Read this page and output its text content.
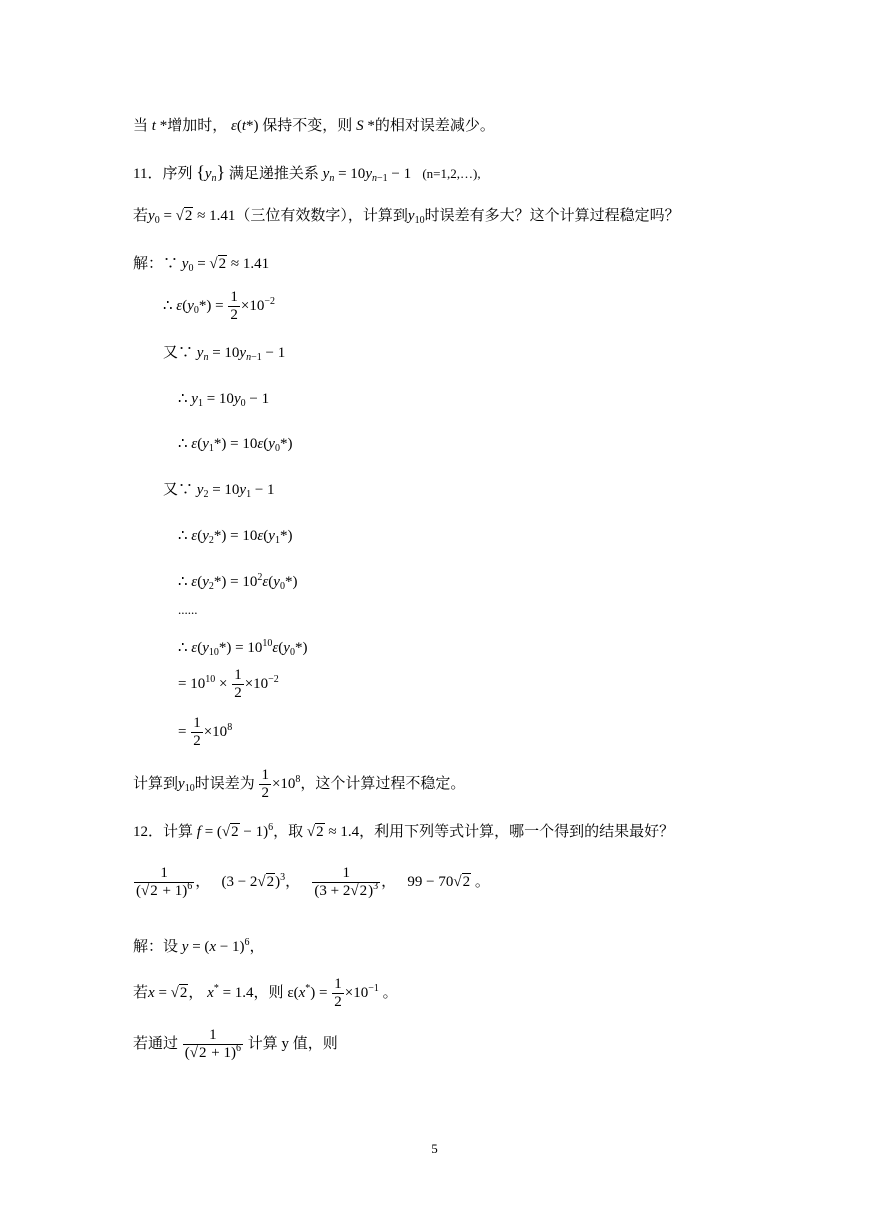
当 t *增加时， ε(t*) 保持不变，则 S *的相对误差减少。
11．序列 $\{y_n\}$ 满足递推关系 $y_n = 10y_{n-1} - 1$   (n=1,2,…),
若$y_0 = √2 \approx 1.41$（三位有效数字），计算到$y_{10}$时误差有多大？这个计算过程稳定吗？
解：∵ $y_0 = √2 \approx 1.41$
∴ $\varepsilon(y_0*) = \frac{1}{2} \times 10^{-2}$
又∵ $y_n = 10y_{n-1} - 1$
∴ $y_1 = 10y_0 - 1$
∴ $\varepsilon(y_1*) = 10\varepsilon(y_0*)$
又∵ $y_2 = 10y_1 - 1$
∴ $\varepsilon(y_2*) = 10\varepsilon(y_1*)$
∴ $\varepsilon(y_2*) = 10^2\varepsilon(y_0*)$
......
∴ $\varepsilon(y_{10}*) = 10^{10}\varepsilon(y_0*)$
= $10^{10} \times \frac{1}{2} \times 10^{-2}$
= $\frac{1}{2} \times 10^8$
计算到$y_{10}$时误差为 $\frac{1}{2} \times 10^8$，这个计算过程不稳定。
12．计算 $f = (√2 - 1)^6$，取 √2 ≈ 1.4，利用下列等式计算，哪一个得到的结果最好？
$\frac{1}{(√2 + 1)^6}$ ，   $(3 - 2√2)^3$， $\frac{1}{(3 + 2√2)^3}$ ，   99 − 70√2 。
解：设 $y = (x - 1)^6$，
若x = √2， x* = 1.4，则 $\varepsilon(x^*) = \frac{1}{2} \times 10^{-1}$ 。
若通过 $\frac{1}{(√2 + 1)^6}$ 计算 y 值，则
5
